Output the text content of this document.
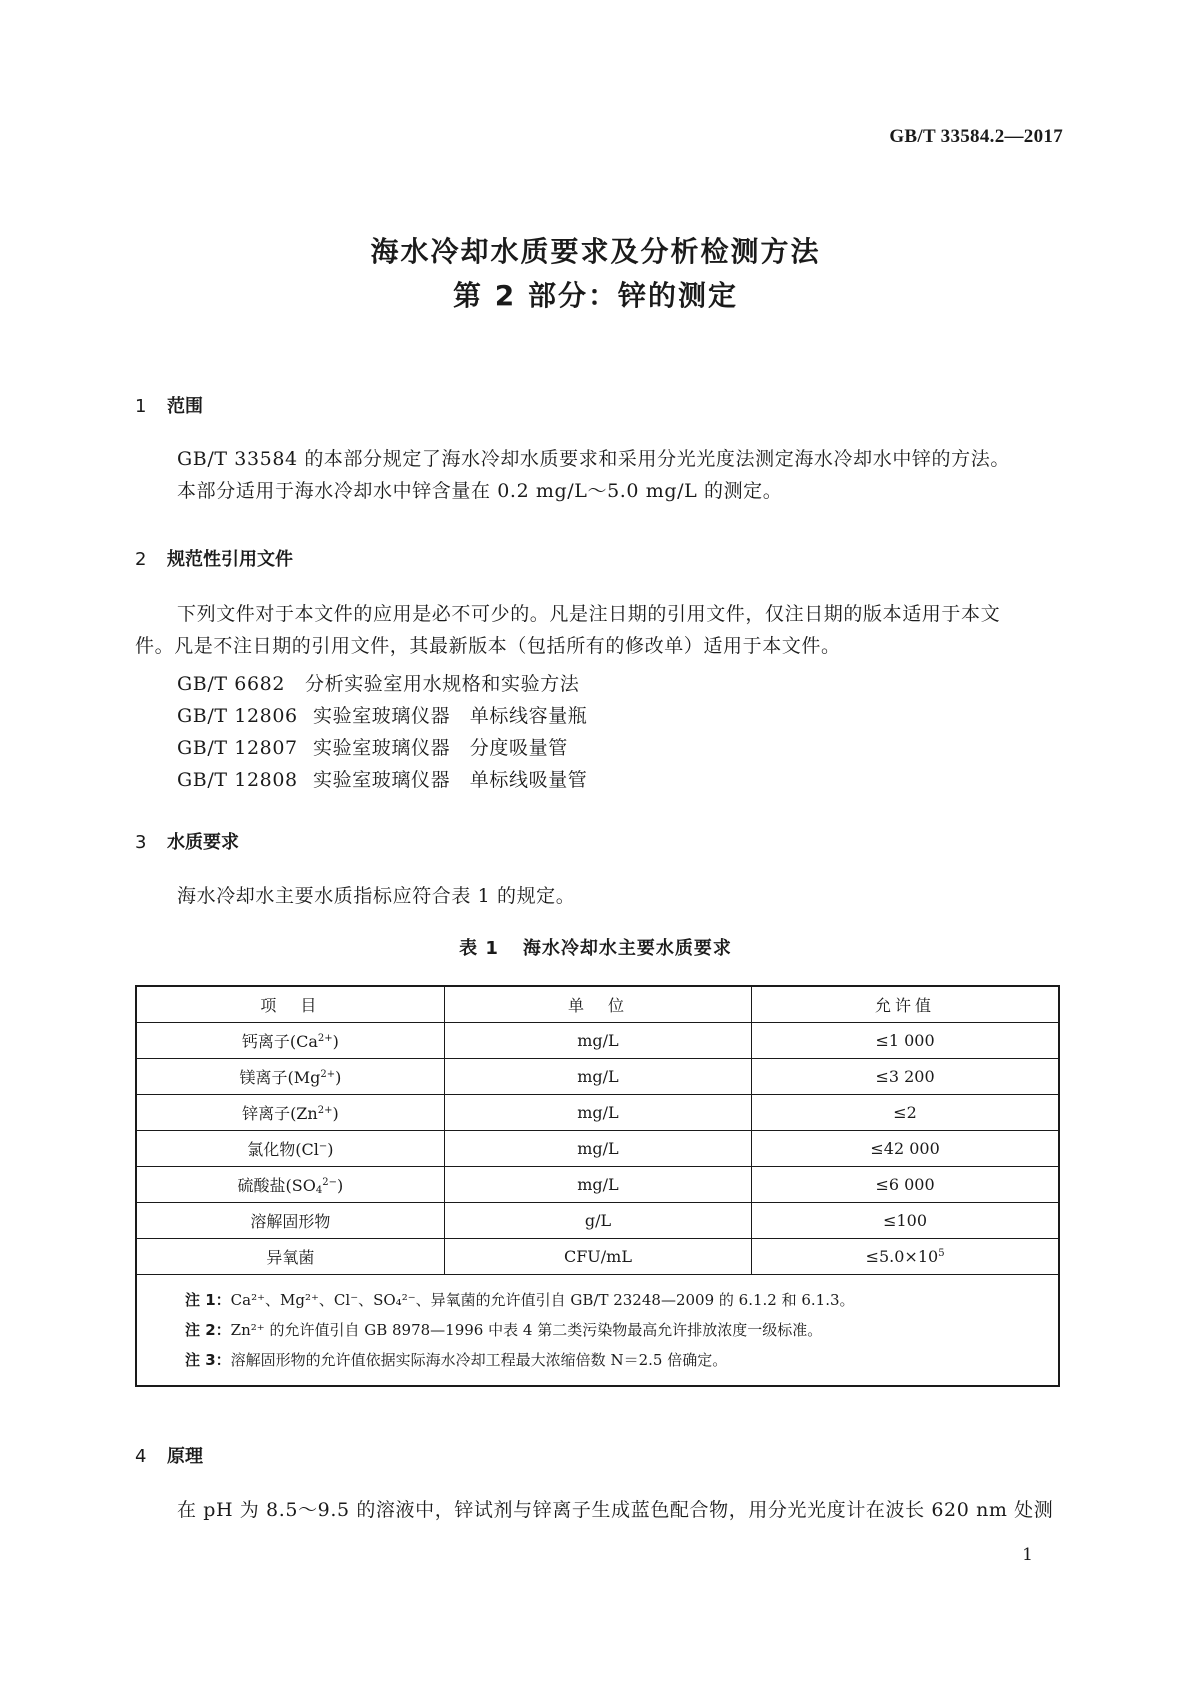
GB/T 33584.2—2017
海水冷却水质要求及分析检测方法
第 2 部分：锌的测定
1 范围
GB/T 33584 的本部分规定了海水冷却水质要求和采用分光光度法测定海水冷却水中锌的方法。
本部分适用于海水冷却水中锌含量在 0.2 mg/L～5.0 mg/L 的测定。
2 规范性引用文件
下列文件对于本文件的应用是必不可少的。凡是注日期的引用文件，仅注日期的版本适用于本文
件。凡是不注日期的引用文件，其最新版本（包括所有的修改单）适用于本文件。
GB/T 6682 分析实验室用水规格和实验方法
GB/T 12806 实验室玻璃仪器　单标线容量瓶
GB/T 12807 实验室玻璃仪器　分度吸量管
GB/T 12808 实验室玻璃仪器　单标线吸量管
3 水质要求
海水冷却水主要水质指标应符合表 1 的规定。
表 1 海水冷却水主要水质要求
项　目	单　位	允许值
钙离子$(Ca^{2+})$	mg/L	≤1 000
镁离子$(Mg^{2+})$	mg/L	≤3 200
锌离子$(Zn^{2+})$	mg/L	≤2
氯化物(Cl−)	mg/L	≤42 000
硫酸盐$(SO_4^{2-})$	mg/L	≤6 000
溶解固形物	g/L	≤100
异氧菌	CFU/mL	$\le 5.0\times 10^5$

注 1：Ca²⁺、Mg²⁺、Cl⁻、SO₄²⁻、异氧菌的允许值引自 GB/T 23248—2009 的 6.1.2 和 6.1.3。
注 2：Zn²⁺ 的允许值引自 GB 8978—1996 中表 4 第二类污染物最高允许排放浓度一级标准。
注 3：溶解固形物的允许值依据实际海水冷却工程最大浓缩倍数 N＝2.5 倍确定。		
4 原理
在 pH 为 8.5～9.5 的溶液中，锌试剂与锌离子生成蓝色配合物，用分光光度计在波长 620 nm 处测
1
